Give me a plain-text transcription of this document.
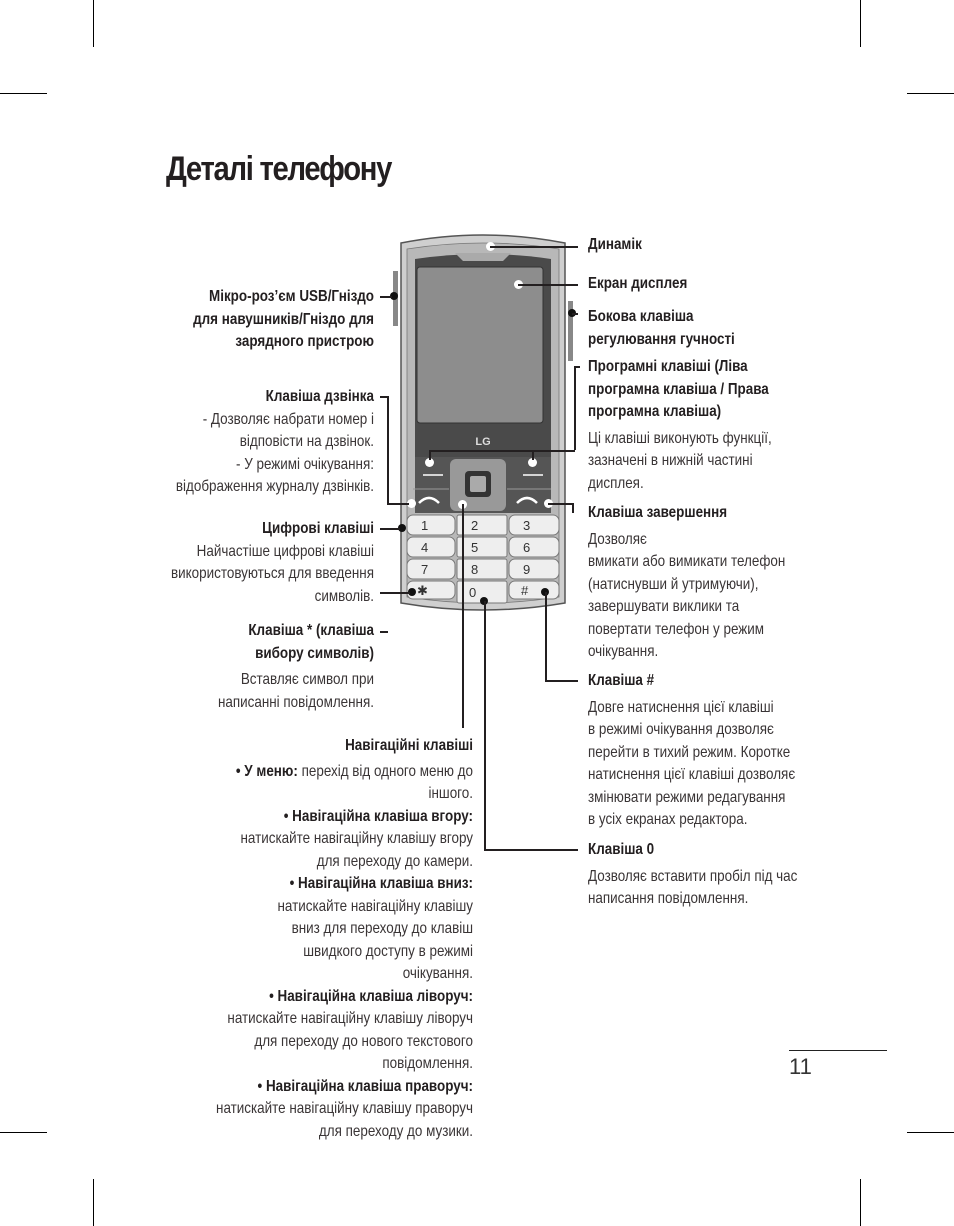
Деталі телефону
LG
1	2	3
4	5	6
7	8	9
✱	0	#
Мікро-роз’єм USB/Гніздо
для навушників/Гніздо для
зарядного пристрою
Клавіша дзвінка
- Дозволяє набрати номер і
відповісти на дзвінок.
- У режимі очікування:
відображення журналу дзвінків.
Цифрові клавіші
Найчастіше цифрові клавіші
використовуються для введення
символів.
Клавіша * (клавіша
вибору символів)
Вставляє символ при
написанні повідомлення.
Навігаційні клавіші
• У меню: перехід від одного меню до іншого.
• Навігаційна клавіша вгору: натискайте навігаційну клавішу вгору для переходу до камери.
• Навігаційна клавіша вниз: натискайте навігаційну клавішу вниз для переходу до клавіш швидкого доступу в режимі очікування.
• Навігаційна клавіша ліворуч: натискайте навігаційну клавішу ліворуч для переходу до нового текстового повідомлення.
• Навігаційна клавіша праворуч: натискайте навігаційну клавішу праворуч для переходу до музики.
Динамік
Екран дисплея
Бокова клавіша
регулювання гучності
Програмні клавіші (Ліва
програмна клавіша / Права
програмна клавіша)
Ці клавіші виконують функції,
зазначені в нижній частині
дисплея.
Клавіша завершення
Дозволяє
вмикати або вимикати телефон
(натиснувши й утримуючи),
завершувати виклики та
повертати телефон у режим
очікування.
Клавіша #
Довге натиснення цієї клавіші
в режимі очікування дозволяє
перейти в тихий режим. Коротке
натиснення цієї клавіші дозволяє
змінювати режими редагування
в усіх екранах редактора.
Клавіша 0
Дозволяє вставити пробіл під час
написання повідомлення.
11
